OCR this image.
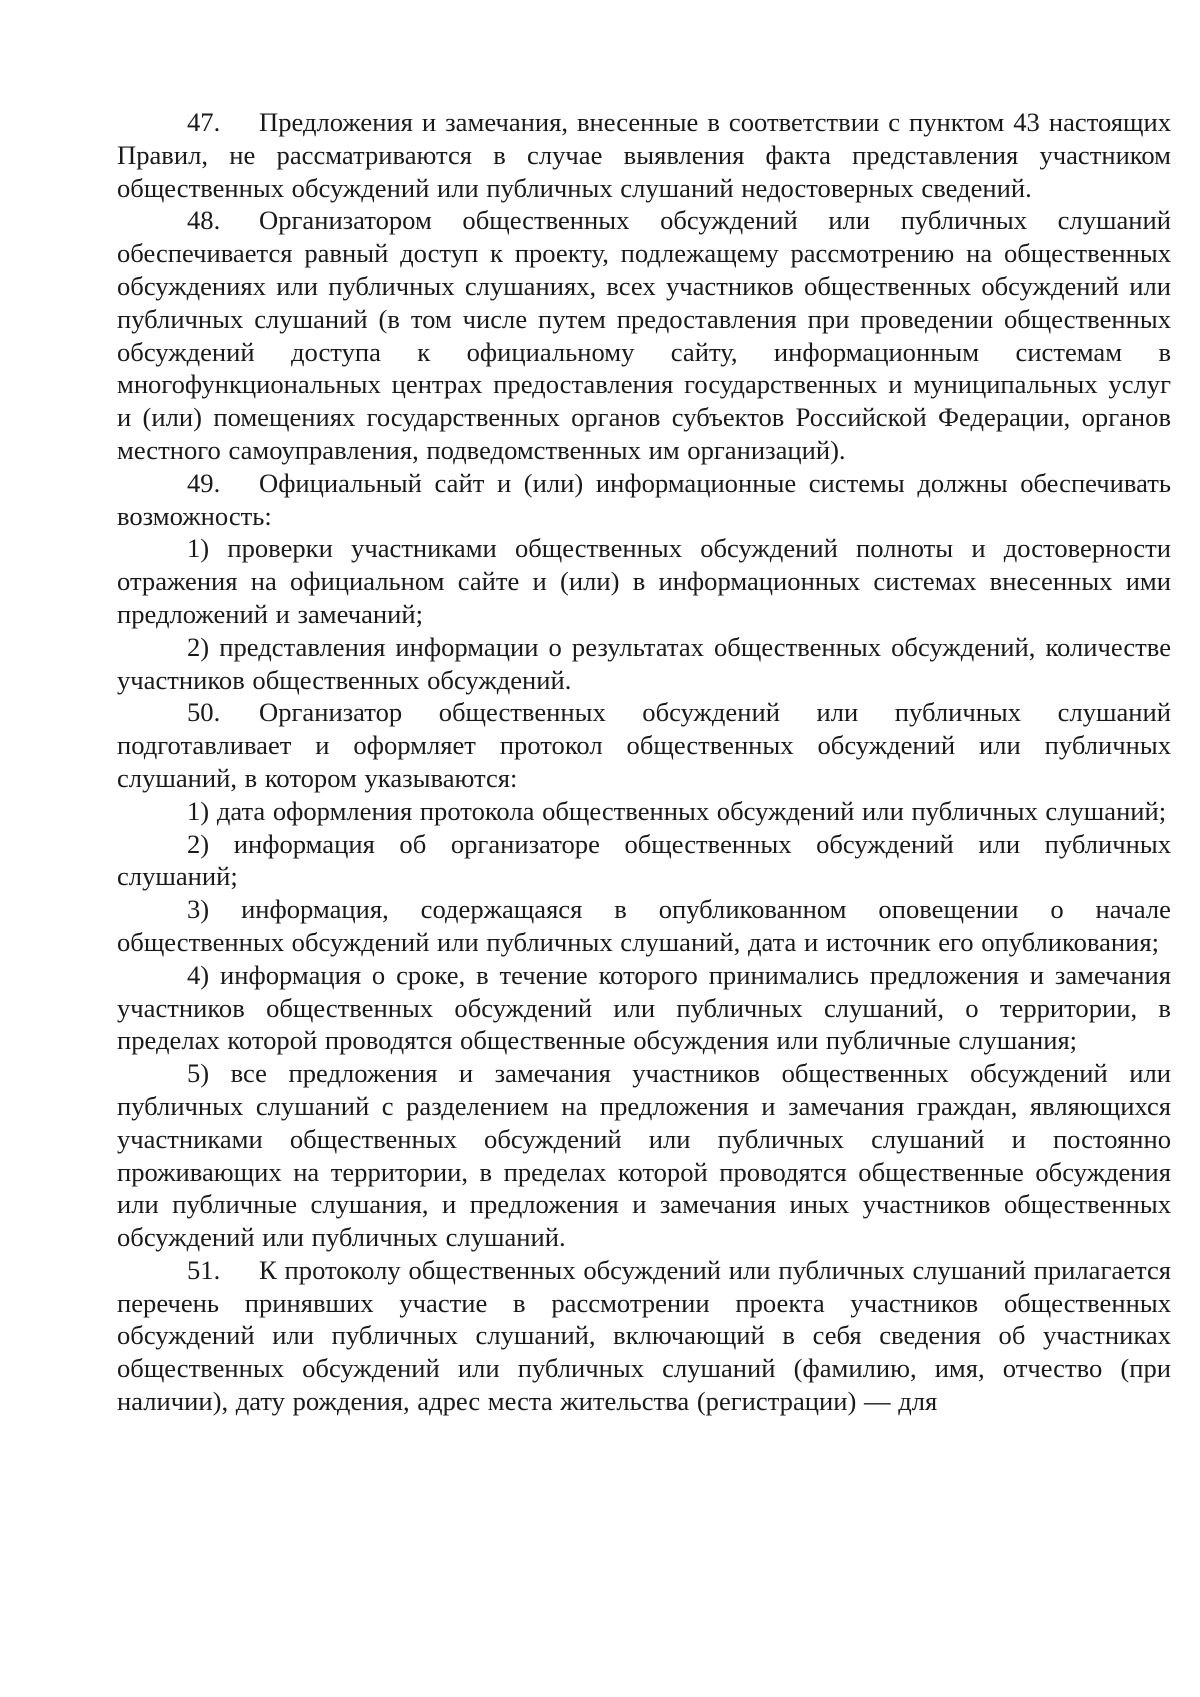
47. Предложения и замечания, внесенные в соответствии с пунктом 43 настоящих Правил, не рассматриваются в случае выявления факта представления участником общественных обсуждений или публичных слушаний недостоверных сведений.

48. Организатором общественных обсуждений или публичных слушаний обеспечивается равный доступ к проекту, подлежащему рассмотрению на общественных обсуждениях или публичных слушаниях, всех участников общественных обсуждений или публичных слушаний (в том числе путем предоставления при проведении общественных обсуждений доступа к официальному сайту, информационным системам в многофункциональных центрах предоставления государственных и муниципальных услуг и (или) помещениях государственных органов субъектов Российской Федерации, органов местного самоуправления, подведомственных им организаций).

49. Официальный сайт и (или) информационные системы должны обеспечивать возможность:

1) проверки участниками общественных обсуждений полноты и достоверности отражения на официальном сайте и (или) в информационных системах внесенных ими предложений и замечаний;

2) представления информации о результатах общественных обсуждений, количестве участников общественных обсуждений.

50. Организатор общественных обсуждений или публичных слушаний подготавливает и оформляет протокол общественных обсуждений или публичных слушаний, в котором указываются:

1) дата оформления протокола общественных обсуждений или публичных слушаний;

2) информация об организаторе общественных обсуждений или публичных слушаний;

3) информация, содержащаяся в опубликованном оповещении о начале общественных обсуждений или публичных слушаний, дата и источник его опубликования;

4) информация о сроке, в течение которого принимались предложения и замечания участников общественных обсуждений или публичных слушаний, о территории, в пределах которой проводятся общественные обсуждения или публичные слушания;

5) все предложения и замечания участников общественных обсуждений или публичных слушаний с разделением на предложения и замечания граждан, являющихся участниками общественных обсуждений или публичных слушаний и постоянно проживающих на территории, в пределах которой проводятся общественные обсуждения или публичные слушания, и предложения и замечания иных участников общественных обсуждений или публичных слушаний.

51. К протоколу общественных обсуждений или публичных слушаний прилагается перечень принявших участие в рассмотрении проекта участников общественных обсуждений или публичных слушаний, включающий в себя сведения об участниках общественных обсуждений или публичных слушаний (фамилию, имя, отчество (при наличии), дату рождения, адрес места жительства (регистрации) — для
